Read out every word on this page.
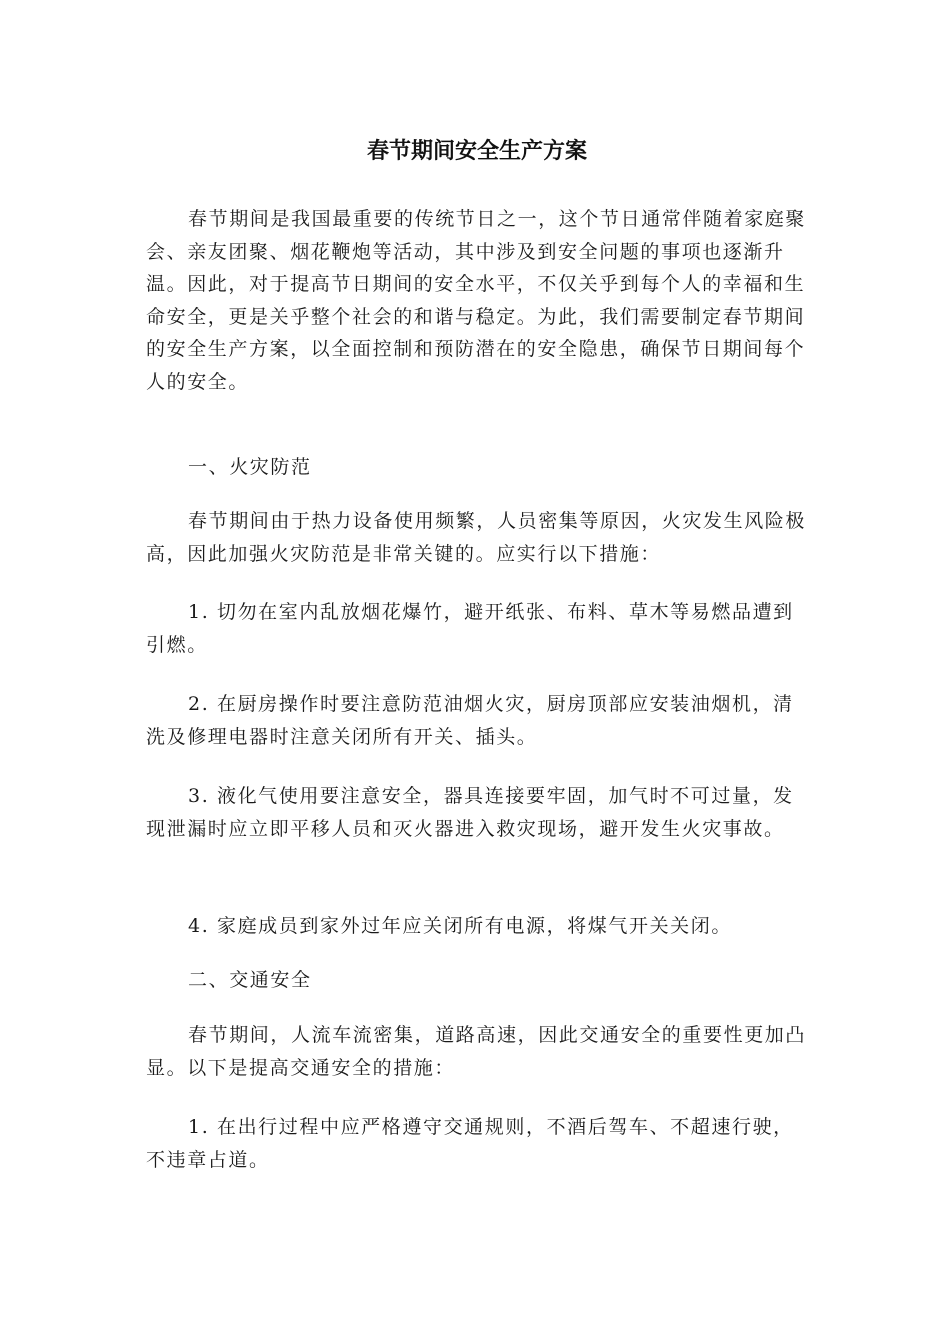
春节期间安全生产方案

春节期间是我国最重要的传统节日之一，这个节日通常伴随着家庭聚会、亲友团聚、烟花鞭炮等活动，其中涉及到安全问题的事项也逐渐升温。因此，对于提高节日期间的安全水平，不仅关乎到每个人的幸福和生命安全，更是关乎整个社会的和谐与稳定。为此，我们需要制定春节期间的安全生产方案，以全面控制和预防潜在的安全隐患，确保节日期间每个人的安全。

一、火灾防范

春节期间由于热力设备使用频繁，人员密集等原因，火灾发生风险极高，因此加强火灾防范是非常关键的。应实行以下措施：

1. 切勿在室内乱放烟花爆竹，避开纸张、布料、草木等易燃品遭到引燃。

2. 在厨房操作时要注意防范油烟火灾，厨房顶部应安装油烟机，清洗及修理电器时注意关闭所有开关、插头。

3. 液化气使用要注意安全，器具连接要牢固，加气时不可过量，发现泄漏时应立即平移人员和灭火器进入救灾现场，避开发生火灾事故。

4. 家庭成员到家外过年应关闭所有电源，将煤气开关关闭。

二、交通安全

春节期间，人流车流密集，道路高速，因此交通安全的重要性更加凸显。以下是提高交通安全的措施：

1. 在出行过程中应严格遵守交通规则，不酒后驾车、不超速行驶，不违章占道。
